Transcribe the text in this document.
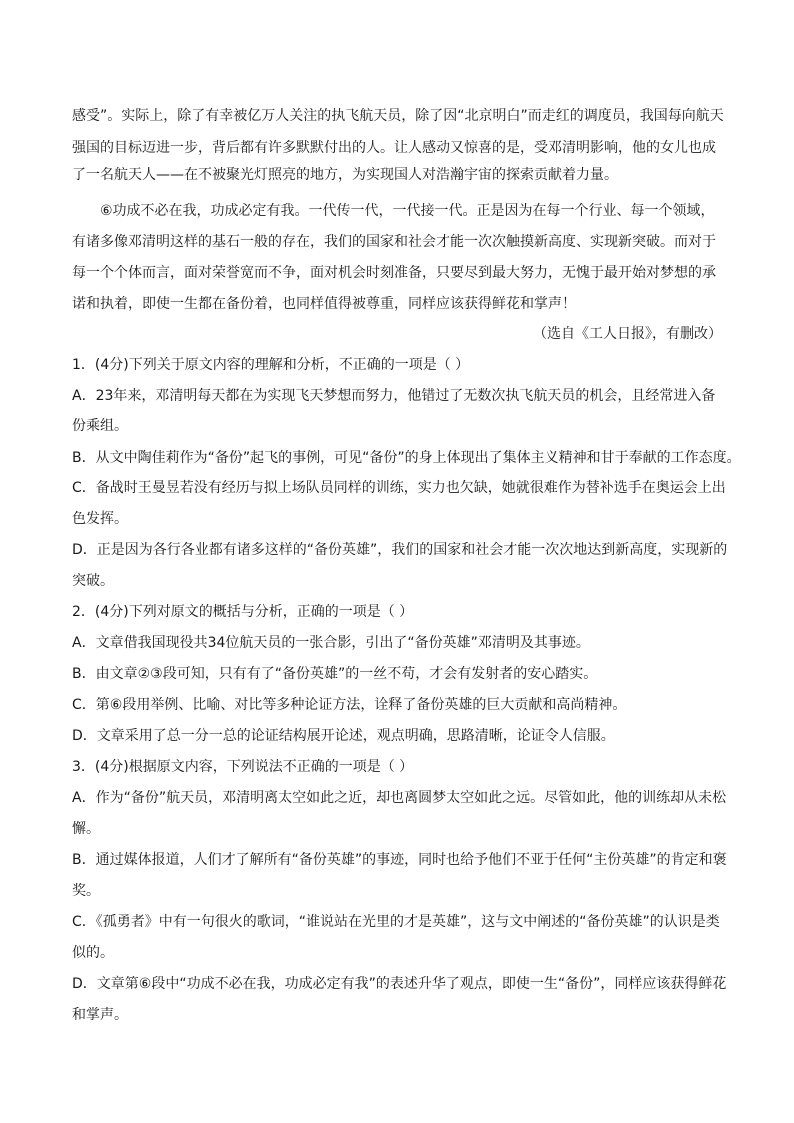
感受”。实际上，除了有幸被亿万人关注的执飞航天员，除了因“北京明白”而走红的调度员，我国每向航天
强国的目标迈进一步，背后都有许多默默付出的人。让人感动又惊喜的是，受邓清明影响，他的女儿也成
了一名航天人——在不被聚光灯照亮的地方，为实现国人对浩瀚宇宙的探索贡献着力量。
⑥功成不必在我，功成必定有我。一代传一代，一代接一代。正是因为在每一个行业、每一个领域，
有诸多像邓清明这样的基石一般的存在，我们的国家和社会才能一次次触摸新高度、实现新突破。而对于
每一个个体而言，面对荣誉宽而不争，面对机会时刻准备，只要尽到最大努力，无愧于最开始对梦想的承
诺和执着，即使一生都在备份着，也同样值得被尊重，同样应该获得鲜花和掌声！
（选自《工人日报》，有删改）
1．(4分)下列关于原文内容的理解和分析，不正确的一项是（ ）
A．23年来，邓清明每天都在为实现飞天梦想而努力，他错过了无数次执飞航天员的机会，且经常进入备
份乘组。
B．从文中陶佳莉作为“备份”起飞的事例，可见“备份”的身上体现出了集体主义精神和甘于奉献的工作态度。
C．备战时王曼昱若没有经历与拟上场队员同样的训练，实力也欠缺，她就很难作为替补选手在奥运会上出
色发挥。
D．正是因为各行各业都有诸多这样的“备份英雄”，我们的国家和社会才能一次次地达到新高度，实现新的
突破。
2．(4分)下列对原文的概括与分析，正确的一项是（ ）
A．文章借我国现役共34位航天员的一张合影，引出了“备份英雄”邓清明及其事迹。
B．由文章②③段可知，只有有了“备份英雄”的一丝不苟，才会有发射者的安心踏实。
C．第⑥段用举例、比喻、对比等多种论证方法，诠释了备份英雄的巨大贡献和高尚精神。
D．文章采用了总一分一总的论证结构展开论述，观点明确，思路清晰，论证令人信服。
3．(4分)根据原文内容，下列说法不正确的一项是（ ）
A．作为“备份”航天员，邓清明离太空如此之近，却也离圆梦太空如此之远。尽管如此，他的训练却从未松
懈。
B．通过媒体报道，人们才了解所有“备份英雄”的事迹，同时也给予他们不亚于任何“主份英雄”的肯定和褒
奖。
C．《孤勇者》中有一句很火的歌词，“谁说站在光里的才是英雄”，这与文中阐述的“备份英雄”的认识是类
似的。
D．文章第⑥段中“功成不必在我，功成必定有我”的表述升华了观点，即使一生“备份”，同样应该获得鲜花
和掌声。
